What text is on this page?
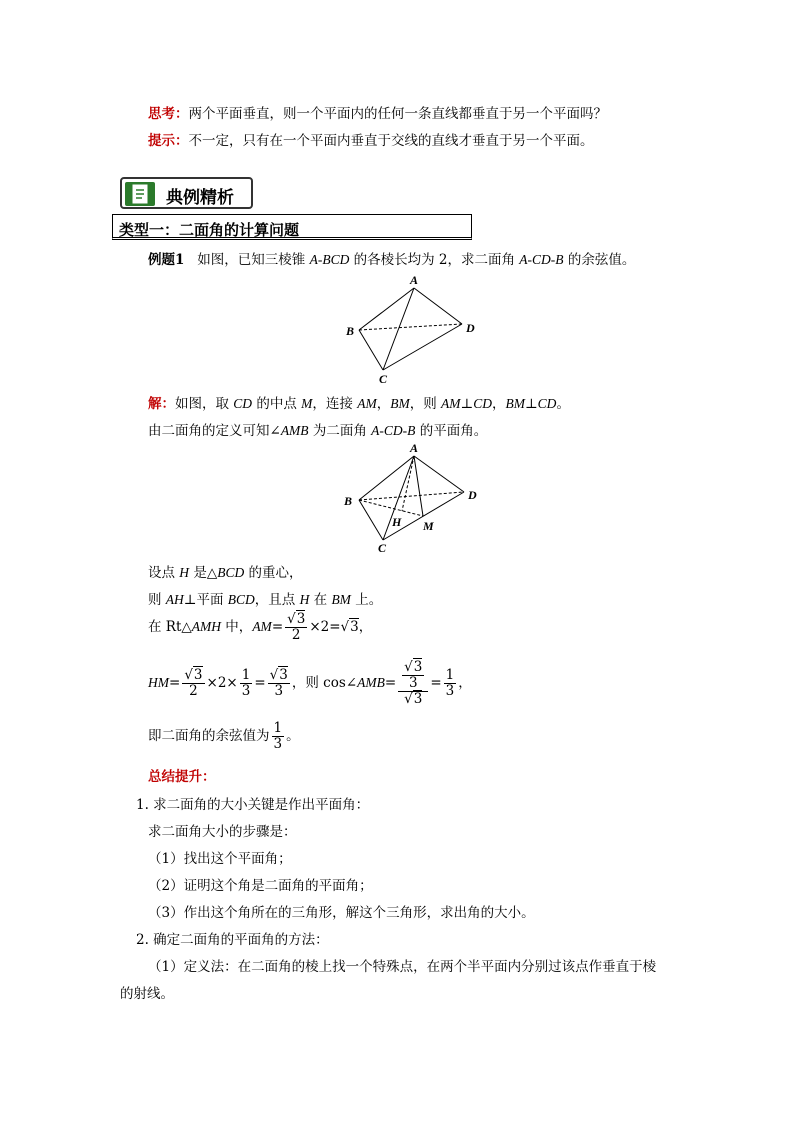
思考：两个平面垂直，则一个平面内的任何一条直线都垂直于另一个平面吗？
提示：不一定，只有在一个平面内垂直于交线的直线才垂直于另一个平面。
典例精析
类型一：二面角的计算问题
例题1 如图，已知三棱锥 A-BCD 的各棱长均为 2，求二面角 A-CD-B 的余弦值。
A
B
C
D
解：如图，取 CD 的中点 M，连接 AM，BM，则 AM⊥CD，BM⊥CD。
由二面角的定义可知∠AMB 为二面角 A-CD-B 的平面角。
A
B
C
D
H M
设点 H 是△BCD 的重心，
则 AH⊥平面 BCD，且点 H 在 BM 上。
在 Rt△AMH 中，$AM= \frac{√3}{2} \times 2=√3$，
$HM= \frac{√3}{2} \times 2\times \frac{1}{3} = \frac{√3}{3}$ ，则 cos∠AMB= $\frac{\frac{√3}{3}}{√3} = \frac{1}{3}$ ，
即二面角的余弦值为 $\frac{1}{3}$ 。
总结提升：
1. 求二面角的大小关键是作出平面角：
求二面角大小的步骤是：
（1）找出这个平面角；
（2）证明这个角是二面角的平面角；
（3）作出这个角所在的三角形，解这个三角形，求出角的大小。
2. 确定二面角的平面角的方法：
（1）定义法：在二面角的棱上找一个特殊点，在两个半平面内分别过该点作垂直于棱
的射线。
